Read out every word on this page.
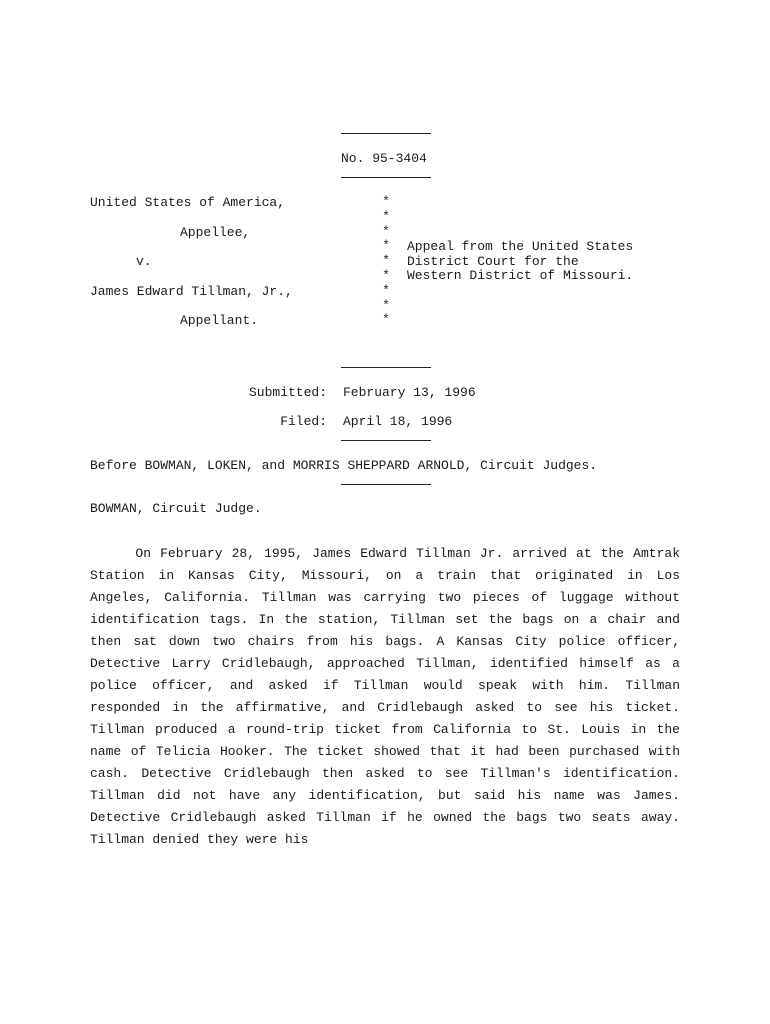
No. 95-3404
United States of America,
Appellee,
v.
James Edward Tillman, Jr.,
Appellant.
*
*
*
*
*
*
*
*
*
Appeal from the United States
District Court for the
Western District of Missouri.
Submitted: February 13, 1996
Filed: April 18, 1996
Before BOWMAN, LOKEN, and MORRIS SHEPPARD ARNOLD, Circuit Judges.
BOWMAN, Circuit Judge.
On February 28, 1995, James Edward Tillman Jr. arrived at the Amtrak
Station in Kansas City, Missouri, on a train that originated in Los
Angeles, California. Tillman was carrying two pieces of luggage without
identification tags. In the station, Tillman set the bags on a chair and
then sat down two chairs from his bags. A Kansas City police officer,
Detective Larry Cridlebaugh, approached Tillman, identified himself as a
police officer, and asked if Tillman would speak with him. Tillman
responded in the affirmative, and Cridlebaugh asked to see his ticket.
Tillman produced a round-trip ticket from California to St. Louis in the
name of Telicia Hooker. The ticket showed that it had been purchased with
cash. Detective Cridlebaugh then asked to see Tillman's identification.
Tillman did not have any identification, but said his name was James.
Detective Cridlebaugh asked Tillman if he owned the bags two seats away.
Tillman denied they were his
